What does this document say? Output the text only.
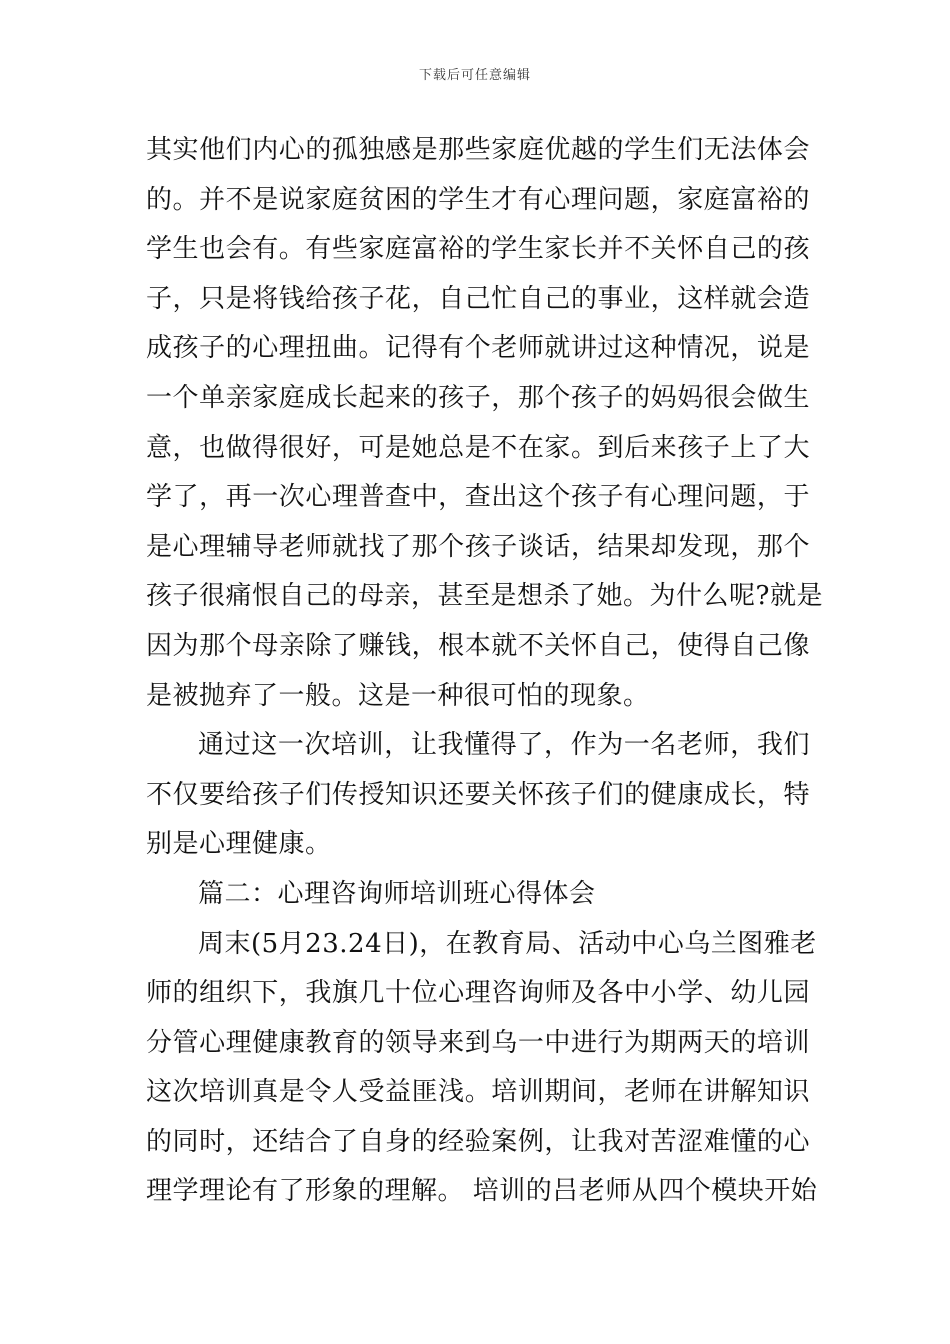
下载后可任意编辑
其实他们内心的孤独感是那些家庭优越的学生们无法体会
的。并不是说家庭贫困的学生才有心理问题，家庭富裕的
学生也会有。有些家庭富裕的学生家长并不关怀自己的孩
子，只是将钱给孩子花，自己忙自己的事业，这样就会造
成孩子的心理扭曲。记得有个老师就讲过这种情况，说是
一个单亲家庭成长起来的孩子，那个孩子的妈妈很会做生
意，也做得很好，可是她总是不在家。到后来孩子上了大
学了，再一次心理普查中，查出这个孩子有心理问题，于
是心理辅导老师就找了那个孩子谈话，结果却发现，那个
孩子很痛恨自己的母亲，甚至是想杀了她。为什么呢?就是
因为那个母亲除了赚钱，根本就不关怀自己，使得自己像
是被抛弃了一般。这是一种很可怕的现象。
通过这一次培训，让我懂得了，作为一名老师，我们
不仅要给孩子们传授知识还要关怀孩子们的健康成长，特
别是心理健康。
篇二：心理咨询师培训班心得体会
周末(5月23.24日)，在教育局、活动中心乌兰图雅老
师的组织下，我旗几十位心理咨询师及各中小学、幼儿园
分管心理健康教育的领导来到乌一中进行为期两天的培训
这次培训真是令人受益匪浅。培训期间，老师在讲解知识
的同时，还结合了自身的经验案例，让我对苦涩难懂的心
理学理论有了形象的理解。 培训的吕老师从四个模块开始
